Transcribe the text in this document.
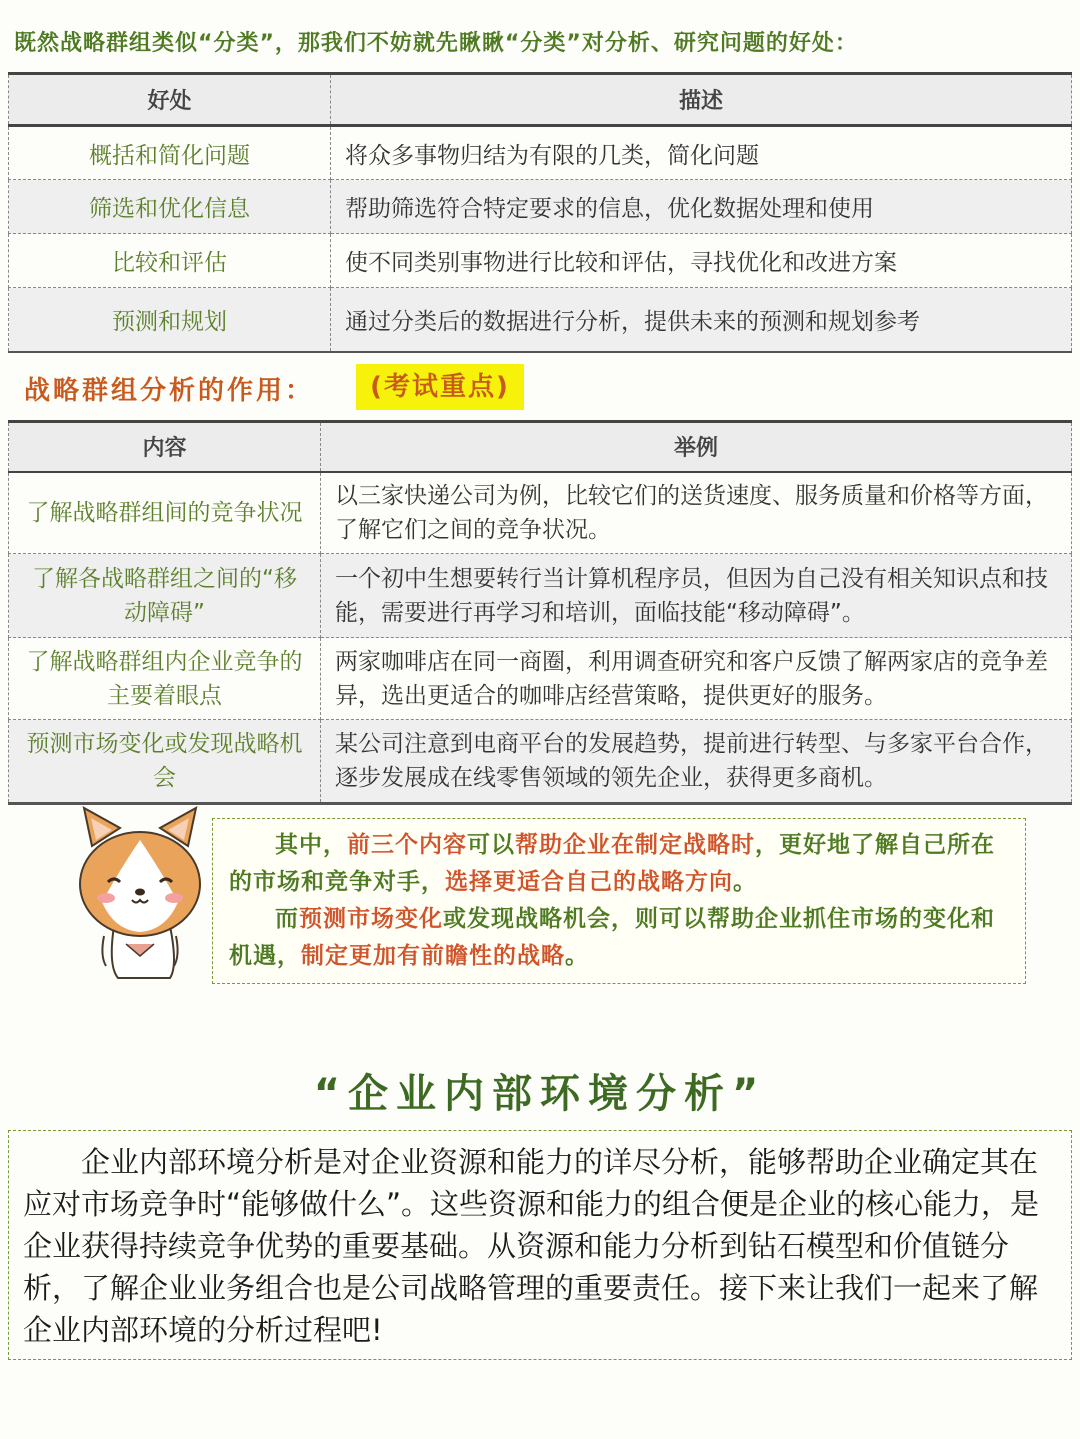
既然战略群组类似“分类”，那我们不妨就先瞅瞅“分类”对分析、研究问题的好处：
好处	描述
概括和简化问题	将众多事物归结为有限的几类，简化问题
筛选和优化信息	帮助筛选符合特定要求的信息，优化数据处理和使用
比较和评估	使不同类别事物进行比较和评估，寻找优化和改进方案
预测和规划	通过分类后的数据进行分析，提供未来的预测和规划参考
战略群组分析的作用：	(考试重点)
内容	举例
了解战略群组间的竞争状况	以三家快递公司为例，比较它们的送货速度、服务质量和价格等方面，了解它们之间的竞争状况。
了解各战略群组之间的“移动障碍”	一个初中生想要转行当计算机程序员，但因为自己没有相关知识点和技能，需要进行再学习和培训，面临技能“移动障碍”。
了解战略群组内企业竞争的主要着眼点	两家咖啡店在同一商圈，利用调查研究和客户反馈了解两家店的竞争差异，选出更适合的咖啡店经营策略，提供更好的服务。
预测市场变化或发现战略机会	某公司注意到电商平台的发展趋势，提前进行转型、与多家平台合作，逐步发展成在线零售领域的领先企业，获得更多商机。

其中，前三个内容可以帮助企业在制定战略时，更好地了解自己所在的市场和竞争对手，选择更适合自己的战略方向。

而预测市场变化或发现战略机会，则可以帮助企业抓住市场的变化和机遇，制定更加有前瞻性的战略。

“企业内部环境分析”

企业内部环境分析是对企业资源和能力的详尽分析，能够帮助企业确定其在应对市场竞争时“能够做什么”。这些资源和能力的组合便是企业的核心能力，是企业获得持续竞争优势的重要基础。从资源和能力分析到钻石模型和价值链分析，了解企业业务组合也是公司战略管理的重要责任。接下来让我们一起来了解企业内部环境的分析过程吧!
